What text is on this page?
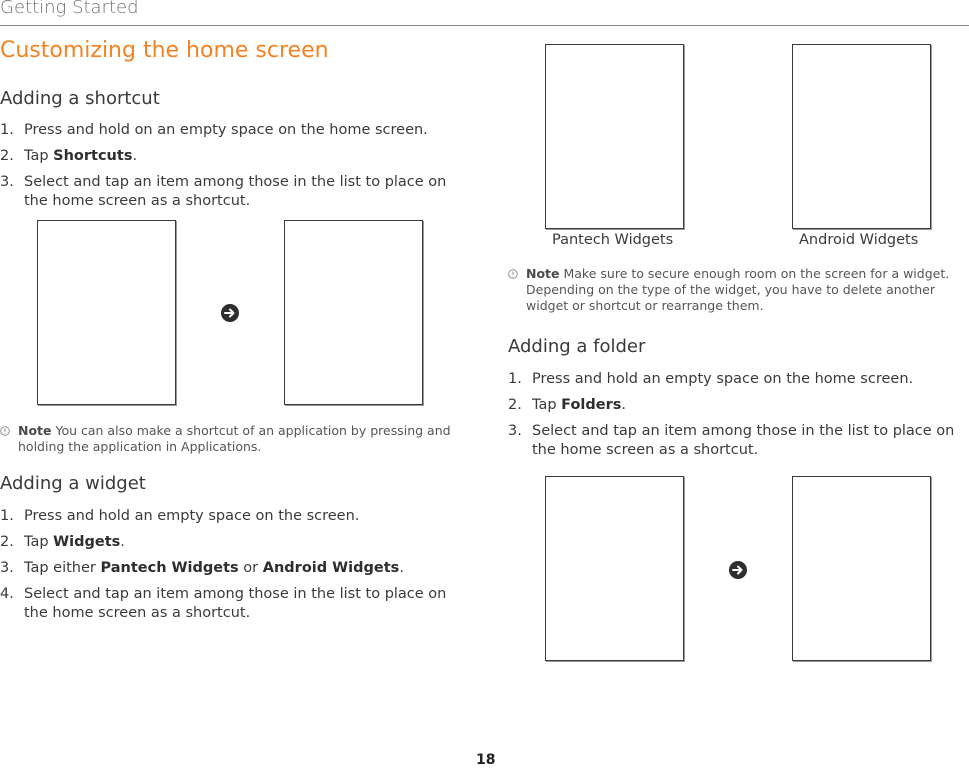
Getting Started
Customizing the home screen
Adding a shortcut
1. Press and hold on an empty space on the home screen.
2. Tap Shortcuts.
3. Select and tap an item among those in the list to place on the home screen as a shortcut.
Note You can also make a shortcut of an application by pressing and holding the application in Applications.
Adding a widget
1. Press and hold an empty space on the screen.
2. Tap Widgets.
3. Tap either Pantech Widgets or Android Widgets.
4. Select and tap an item among those in the list to place on the home screen as a shortcut.
Pantech Widgets	Android Widgets
Note Make sure to secure enough room on the screen for a widget. Depending on the type of the widget, you have to delete another widget or shortcut or rearrange them.
Adding a folder
1. Press and hold an empty space on the home screen.
2. Tap Folders.
3. Select and tap an item among those in the list to place on the home screen as a shortcut.
18
